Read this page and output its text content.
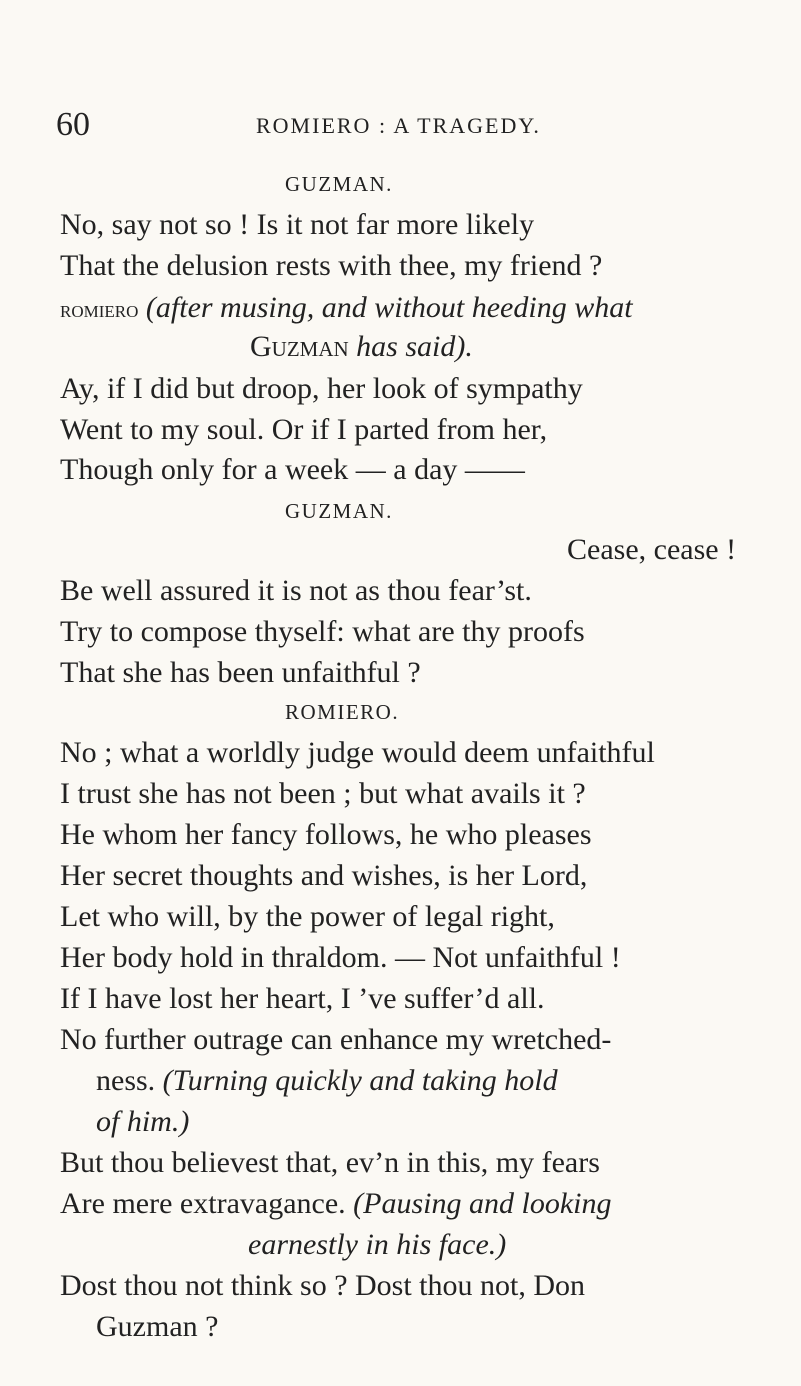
60	ROMIERO : A TRAGEDY.
GUZMAN.
No, say not so ! Is it not far more likely
That the delusion rests with thee, my friend ?
romiero (after musing, and without heeding what
Guzman has said).
Ay, if I did but droop, her look of sympathy
Went to my soul. Or if I parted from her,
Though only for a week — a day ——
GUZMAN.
Cease, cease !
Be well assured it is not as thou fear’st.
Try to compose thyself: what are thy proofs
That she has been unfaithful ?
ROMIERO.
No ; what a worldly judge would deem unfaithful
I trust she has not been ; but what avails it ?
He whom her fancy follows, he who pleases
Her secret thoughts and wishes, is her Lord,
Let who will, by the power of legal right,
Her body hold in thraldom. — Not unfaithful !
If I have lost her heart, I ’ve suffer’d all.
No further outrage can enhance my wretched-
ness. (Turning quickly and taking hold
of him.)
But thou believest that, ev’n in this, my fears
Are mere extravagance. (Pausing and looking
earnestly in his face.)
Dost thou not think so ? Dost thou not, Don
Guzman ?
